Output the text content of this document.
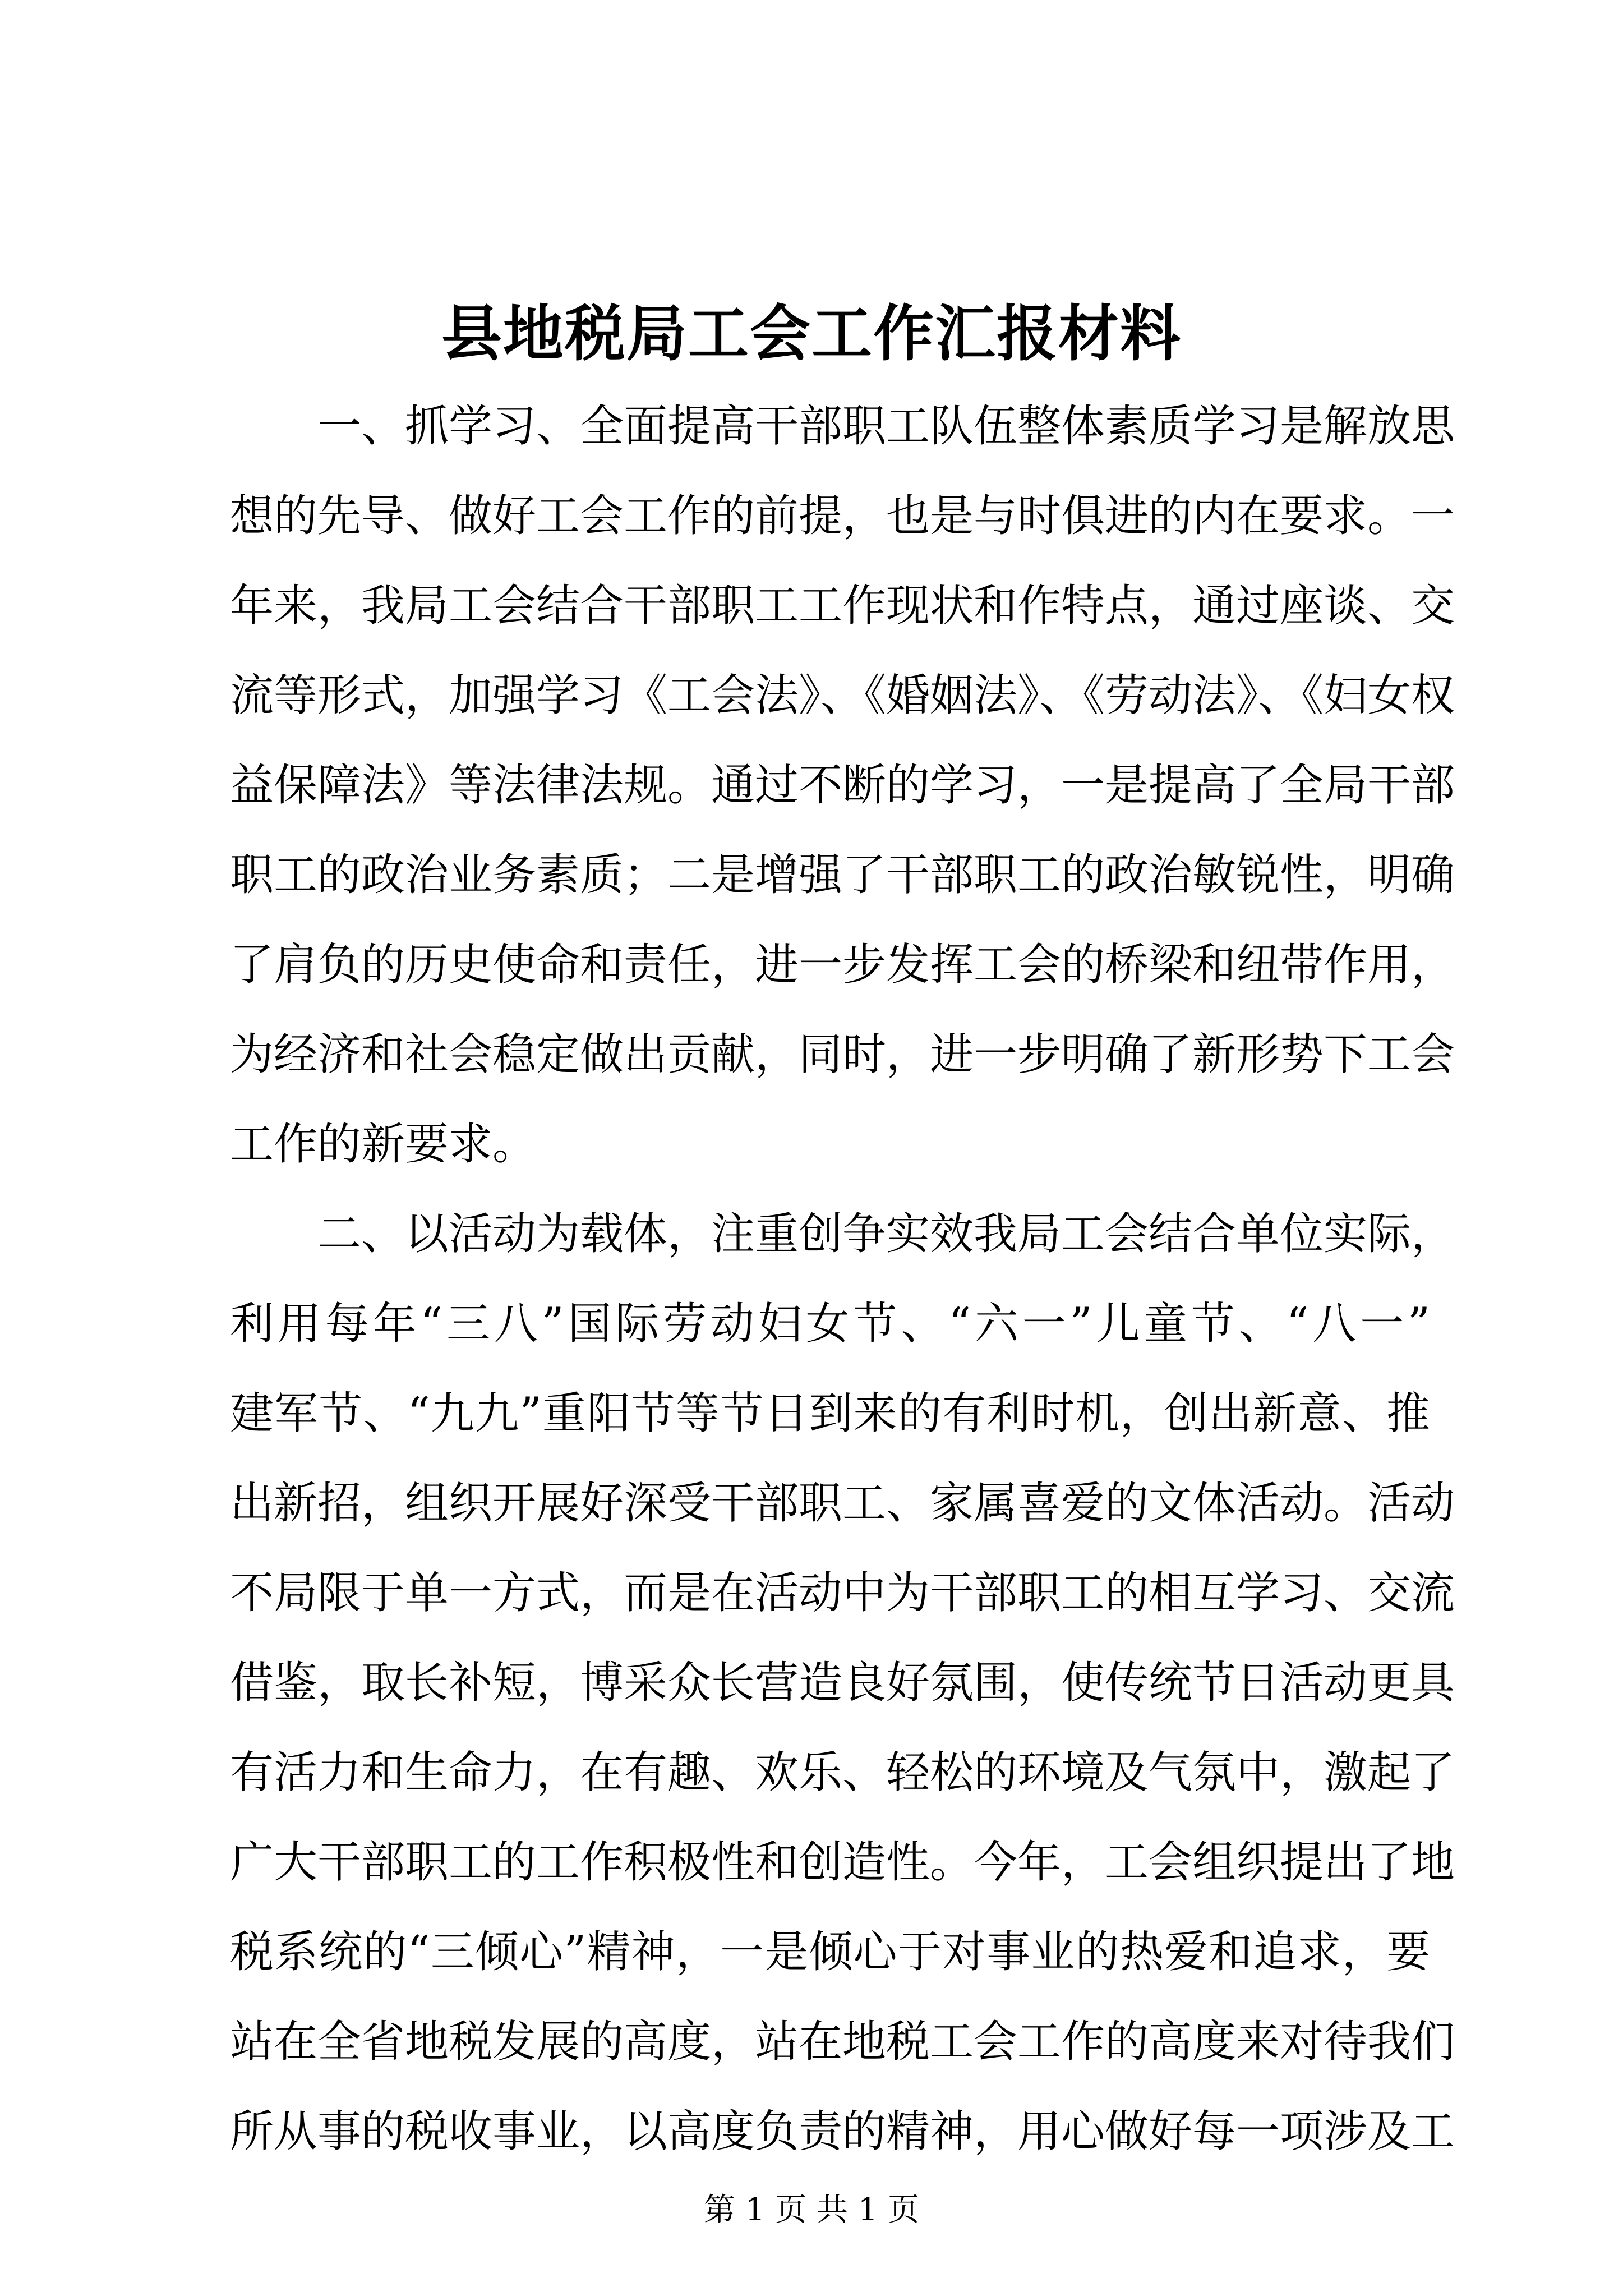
县地税局工会工作汇报材料
一、抓学习、全面提高干部职工队伍整体素质学习是解放思
想的先导、做好工会工作的前提，也是与时俱进的内在要求。一
年来，我局工会结合干部职工工作现状和作特点，通过座谈、交
流等形式，加强学习《工会法》、《婚姻法》、《劳动法》、《妇女权
益保障法》等法律法规。通过不断的学习，一是提高了全局干部
职工的政治业务素质；二是增强了干部职工的政治敏锐性，明确
了肩负的历史使命和责任，进一步发挥工会的桥梁和纽带作用，
为经济和社会稳定做出贡献，同时，进一步明确了新形势下工会
工作的新要求。
二、以活动为载体，注重创争实效我局工会结合单位实际，
利用每年“三八”国际劳动妇女节、“六一”儿童节、“八一”
建军节、“九九”重阳节等节日到来的有利时机，创出新意、推
出新招，组织开展好深受干部职工、家属喜爱的文体活动。活动
不局限于单一方式，而是在活动中为干部职工的相互学习、交流
借鉴，取长补短，博采众长营造良好氛围，使传统节日活动更具
有活力和生命力，在有趣、欢乐、轻松的环境及气氛中，激起了
广大干部职工的工作积极性和创造性。今年，工会组织提出了地
税系统的“三倾心”精神，一是倾心于对事业的热爱和追求，要
站在全省地税发展的高度，站在地税工会工作的高度来对待我们
所从事的税收事业，以高度负责的精神，用心做好每一项涉及工
第 1 页 共 1 页
